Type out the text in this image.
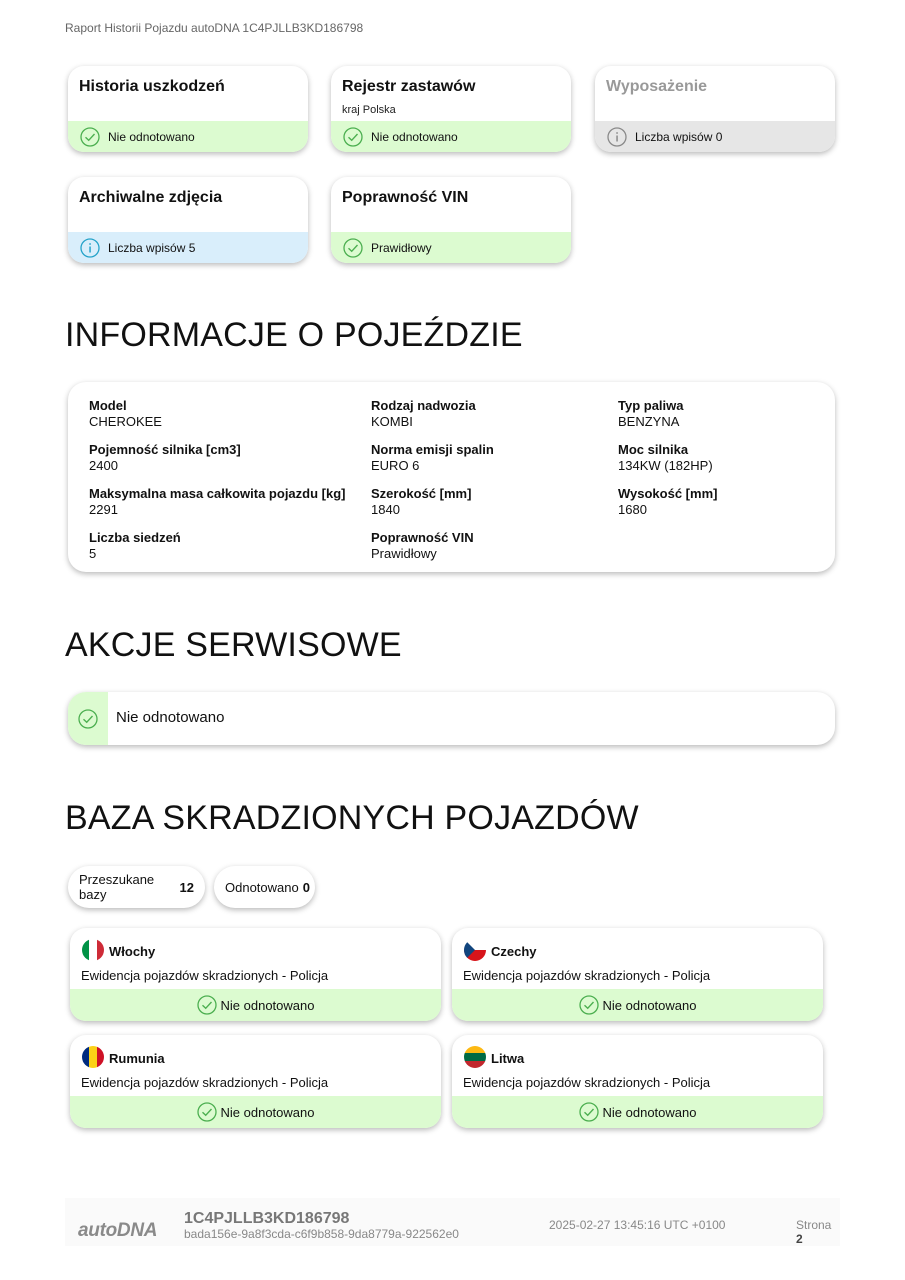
Raport Historii Pojazdu autoDNA 1C4PJLLB3KD186798
Historia uszkodzeń
Nie odnotowano
Rejestr zastawów
kraj Polska
Nie odnotowano
Wyposażenie
Liczba wpisów 0
Archiwalne zdjęcia
Liczba wpisów 5
Poprawność VIN
Prawidłowy
INFORMACJE O POJEŹDZIE
Model
CHEROKEE
Rodzaj nadwozia
KOMBI
Typ paliwa
BENZYNA
Pojemność silnika [cm3]
2400
Norma emisji spalin
EURO 6
Moc silnika
134KW (182HP)
Maksymalna masa całkowita pojazdu [kg]
2291
Szerokość [mm]
1840
Wysokość [mm]
1680
Liczba siedzeń
5
Poprawność VIN
Prawidłowy
AKCJE SERWISOWE
Nie odnotowano
BAZA SKRADZIONYCH POJAZDÓW
Przeszukane bazy	12 Odnotowano 0
Włochy
Ewidencja pojazdów skradzionych - Policja
Nie odnotowano
Czechy
Ewidencja pojazdów skradzionych - Policja
Nie odnotowano
Rumunia
Ewidencja pojazdów skradzionych - Policja
Nie odnotowano
Litwa
Ewidencja pojazdów skradzionych - Policja
Nie odnotowano
autoDNA
1C4PJLLB3KD186798
bada156e-9a8f3cda-c6f9b858-9da8779a-922562e0
2025-02-27 13:45:16 UTC +0100	Strona 2
